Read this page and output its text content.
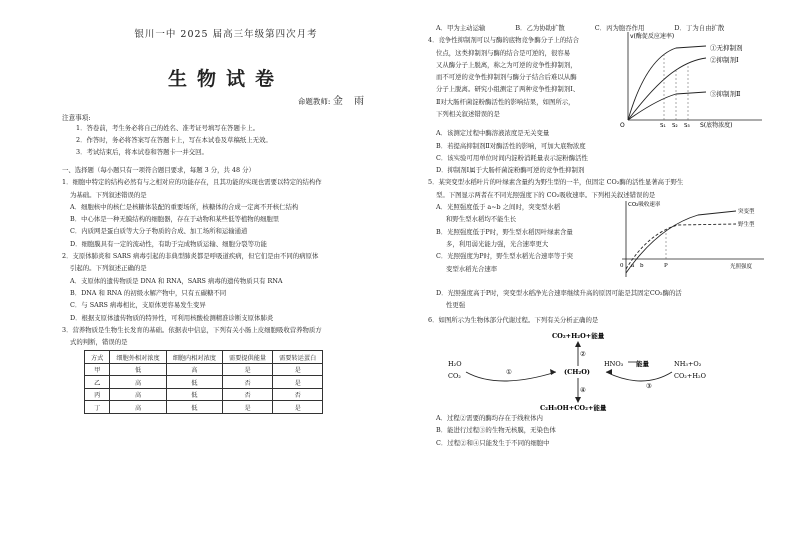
银川一中 2025 届高三年级第四次月考
生物试卷
命题教师: 金 雨
注意事项:
1．答卷前，考生务必将自己的姓名、准考证号填写在答题卡上。
2．作答时，务必将答案写在答题卡上，写在本试卷及草稿纸上无效。
3．考试结束后，将本试卷和答题卡一并交回。

一、选择题（每小题只有一项符合题目要求，每题 3 分，共 48 分）

1．细胞中特定的结构必然有与之相对应的功能存在，且其功能的实现也需要以特定的结构作

为基础。下列叙述错误的是

A．细胞核中的核仁是核糖体装配的重要场所，核糖体的合成一定离不开核仁结构

B．中心体是一种无膜结构的细胞器，存在于动物和某些低等植物的细胞里

C．内质网是蛋白质等大分子物质的合成、加工场所和运输通道

D．细胞膜具有一定的流动性，有助于完成物质运输、细胞分裂等功能

2．支原体肺炎和 SARS 病毒引起的非典型肺炎都是呼吸道疾病，但它们是由不同的病原体

引起的。下列叙述正确的是

A．支原体的遗传物质是 DNA 和 RNA，SARS 病毒的遗传物质只有 RNA

B．DNA 和 RNA 的初级水解产物中，只有五碳糖不同

C．与 SARS 病毒相比，支原体更容易发生变异

D．根据支原体遗传物质的特异性，可利用核酸检测精准诊断支原体肺炎

3．营养物质是生物生长发育的基础。依据表中信息，下列有关小肠上皮细胞吸收营养物质方

式的判断，错误的是

方式	细胞外相对浓度	细胞内相对浓度	需要提供能量	需要转运蛋白
甲	低	高	是	是
乙	高	低	否	是
丙	高	低	否	否
丁	高	低	是	是
A．甲为主动运输	B．乙为协助扩散	C．丙为胞吞作用	D．丁为自由扩散

4．竞争性抑制剂可以与酶的底物竞争酶分子上的结合

位点，这类抑制剂与酶的结合是可逆的，很容易

又从酶分子上脱离，称之为可逆的竞争性抑制剂，

而不可逆的竞争性抑制剂与酶分子结合后难以从酶

分子上脱离。研究小组测定了两种竞争性抑制剂Ⅰ、

Ⅱ对大肠杆菌淀粉酶活性的影响结果，如图所示，

下列相关叙述错误的是

v(酶促反应速率)
S(底物浓度)
O	S₁ S₂ S₃
①无抑制剂
②抑制剂Ⅰ
③抑制剂Ⅱ

A．该测定过程中酶溶液浓度是无关变量

B．若提高抑制剂Ⅱ对酶活性的影响，可加大底物浓度

C．该实验可用单位时间内淀粉消耗量表示淀粉酶活性

D．抑制剂Ⅰ属于大肠杆菌淀粉酶可逆的竞争性抑制剂

5．某突变型水稻叶片的叶绿素含量约为野生型的一半，但固定 CO₂酶的活性显著高于野生

型。下图显示两者在不同光照强度下的 CO₂吸收速率。下列相关叙述错误的是

A．光照强度低于 a~b 之间时，突变型水稻

和野生型水稻均不能生长

B．光照强度低于P时，野生型水稻因叶绿素含量

多，利用弱光能力强，光合速率更大

C．光照强度为P时，野生型水稻光合速率等于突

变型水稻光合速率

CO₂吸收速率
光照强度
0 a b	P
突变型
野生型

D．光照强度高于P时，突变型水稻净光合速率继续升高的原因可能是其固定CO₂酶的活

性更强

6．如图所示为生物体部分代谢过程。下列有关分析正确的是

CO₂+H₂O+能量
(CH₂O)
C₂H₅OH+CO₂+能量
H₂O
CO₂
NH₃+O₂
CO₂+H₂O
HNO₃ 能量
①
③
②
④

A．过程②需要的酶均存在于线粒体内

B．能进行过程③的生物无核膜，无染色体

C．过程②和④只能发生于不同的细胞中
